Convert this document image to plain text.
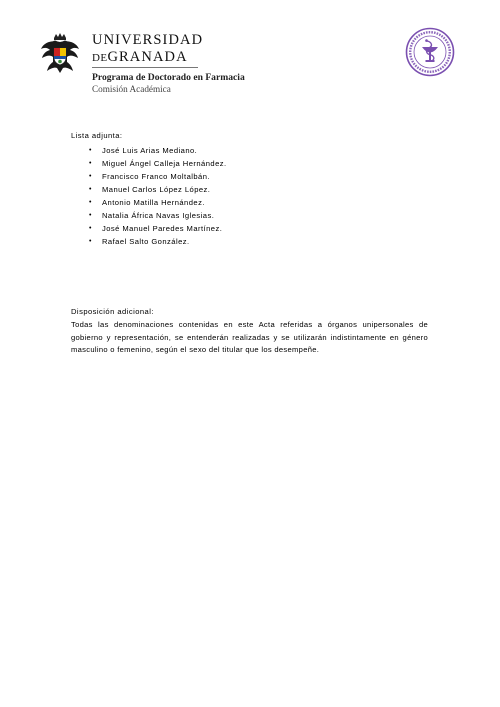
UNIVERSIDAD
DEGRANADA
Programa de Doctorado en Farmacia
Comisión Académica
Lista adjunta:
• José Luis Arias Mediano.
• Miguel Ángel Calleja Hernández.
• Francisco Franco Moltalbán.
• Manuel Carlos López López.
• Antonio Matilla Hernández.
• Natalia África Navas Iglesias.
• José Manuel Paredes Martínez.
• Rafael Salto González.
Disposición adicional:

Todas las denominaciones contenidas en este Acta referidas a órganos unipersonales de gobierno y representación, se entenderán realizadas y se utilizarán indistintamente en género masculino o femenino, según el sexo del titular que los desempeñe.
